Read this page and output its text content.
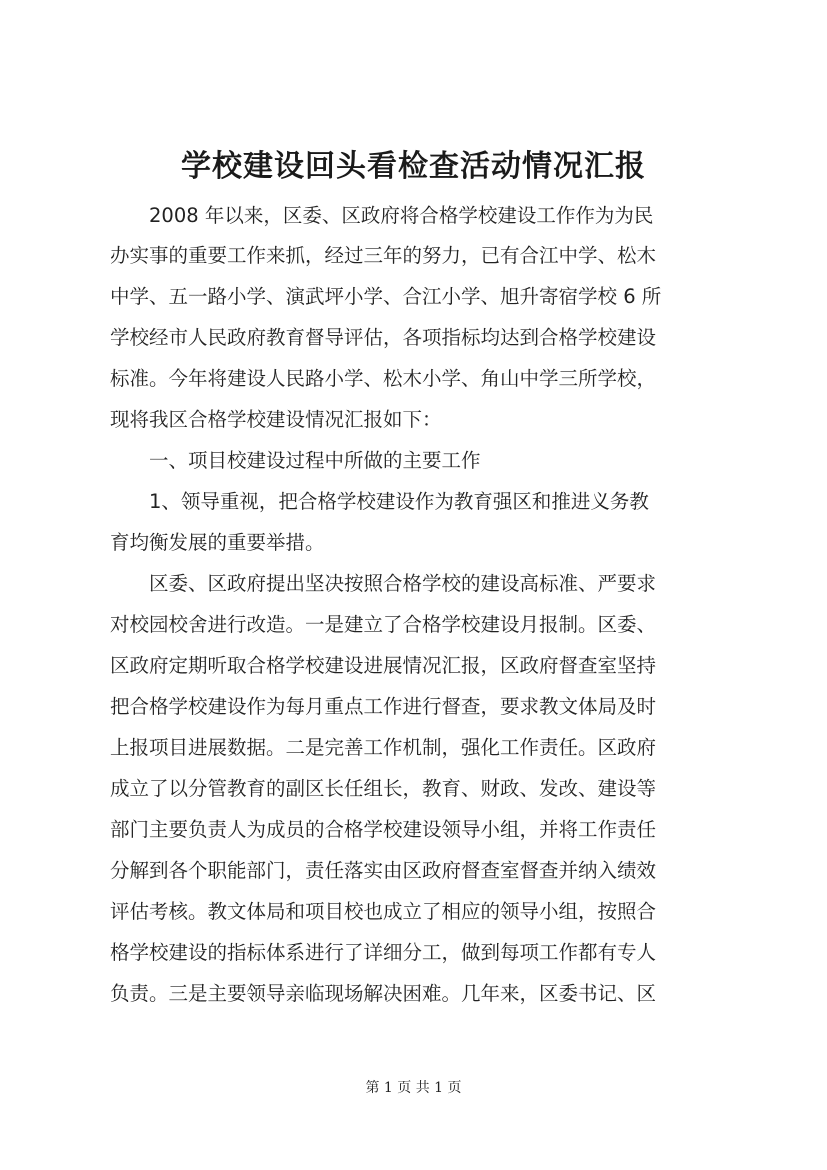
学校建设回头看检查活动情况汇报

　　2008 年以来，区委、区政府将合格学校建设工作作为为民

办实事的重要工作来抓，经过三年的努力，已有合江中学、松木

中学、五一路小学、演武坪小学、合江小学、旭升寄宿学校 6 所

学校经市人民政府教育督导评估，各项指标均达到合格学校建设

标准。今年将建设人民路小学、松木小学、角山中学三所学校，

现将我区合格学校建设情况汇报如下：

　　一、项目校建设过程中所做的主要工作

　　1、领导重视，把合格学校建设作为教育强区和推进义务教

育均衡发展的重要举措。

　　区委、区政府提出坚决按照合格学校的建设高标准、严要求

对校园校舍进行改造。一是建立了合格学校建设月报制。区委、

区政府定期听取合格学校建设进展情况汇报，区政府督查室坚持

把合格学校建设作为每月重点工作进行督查，要求教文体局及时

上报项目进展数据。二是完善工作机制，强化工作责任。区政府

成立了以分管教育的副区长任组长，教育、财政、发改、建设等

部门主要负责人为成员的合格学校建设领导小组，并将工作责任

分解到各个职能部门，责任落实由区政府督查室督查并纳入绩效

评估考核。教文体局和项目校也成立了相应的领导小组，按照合

格学校建设的指标体系进行了详细分工，做到每项工作都有专人

负责。三是主要领导亲临现场解决困难。几年来，区委书记、区

第 1 页 共 1 页
